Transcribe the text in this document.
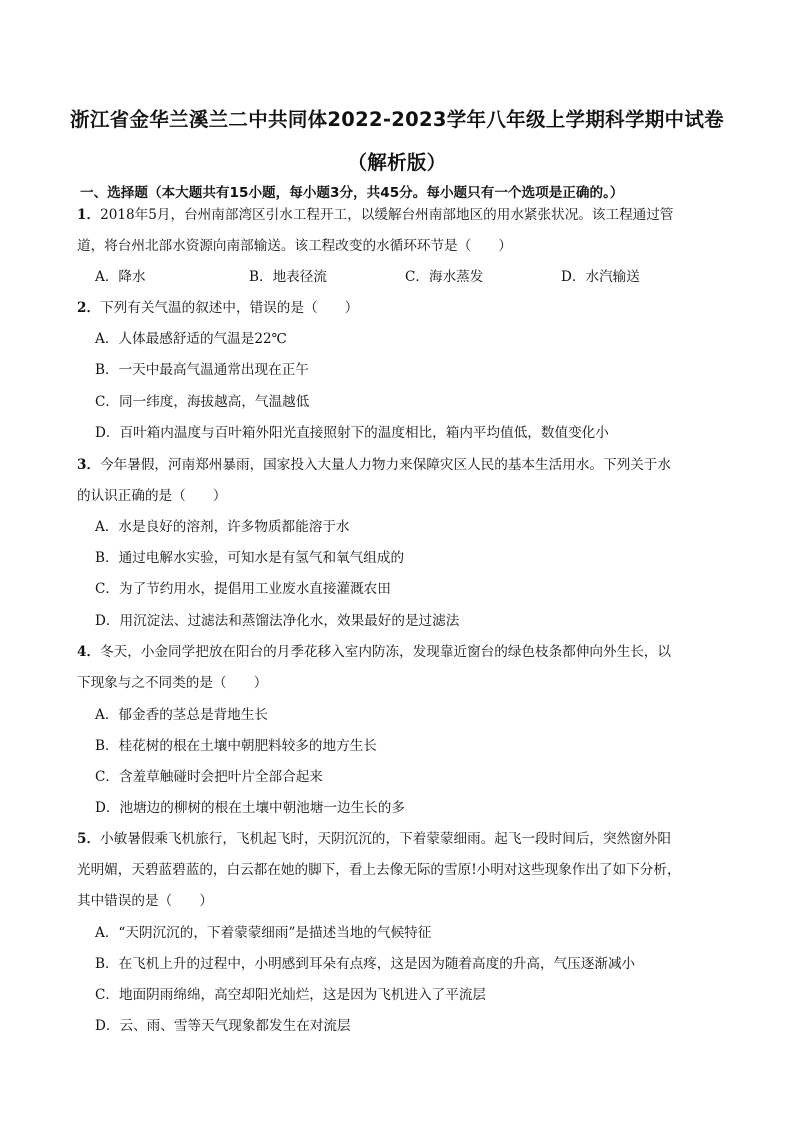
浙江省金华兰溪兰二中共同体2022-2023学年八年级上学期科学期中试卷（解析版）
一、选择题（本大题共有15小题，每小题3分，共45分。每小题只有一个选项是正确的。）
1．2018年5月，台州南部湾区引水工程开工，以缓解台州南部地区的用水紧张状况。该工程通过管
道，将台州北部水资源向南部输送。该工程改变的水循环环节是（　　）
A．降水	B．地表径流	C．海水蒸发	D．水汽输送
2．下列有关气温的叙述中，错误的是（　　）
A．人体最感舒适的气温是22℃
B．一天中最高气温通常出现在正午
C．同一纬度，海拔越高，气温越低
D．百叶箱内温度与百叶箱外阳光直接照射下的温度相比，箱内平均值低，数值变化小
3．今年暑假，河南郑州暴雨，国家投入大量人力物力来保障灾区人民的基本生活用水。下列关于水
的认识正确的是（　　）
A．水是良好的溶剂，许多物质都能溶于水
B．通过电解水实验，可知水是有氢气和氧气组成的
C．为了节约用水，提倡用工业废水直接灌溉农田
D．用沉淀法、过滤法和蒸馏法净化水，效果最好的是过滤法
4．冬天，小金同学把放在阳台的月季花移入室内防冻，发现靠近窗台的绿色枝条都伸向外生长，以
下现象与之不同类的是（　　）
A．郁金香的茎总是背地生长
B．桂花树的根在土壤中朝肥料较多的地方生长
C．含羞草触碰时会把叶片全部合起来
D．池塘边的柳树的根在土壤中朝池塘一边生长的多
5．小敏暑假乘飞机旅行，飞机起飞时，天阴沉沉的，下着蒙蒙细雨。起飞一段时间后，突然窗外阳
光明媚，天碧蓝碧蓝的，白云都在她的脚下，看上去像无际的雪原!小明对这些现象作出了如下分析，
其中错误的是（　　）
A．“天阴沉沉的，下着蒙蒙细雨”是描述当地的气候特征
B．在飞机上升的过程中，小明感到耳朵有点疼，这是因为随着高度的升高，气压逐渐减小
C．地面阴雨绵绵，高空却阳光灿烂，这是因为飞机进入了平流层
D．云、雨、雪等天气现象都发生在对流层
